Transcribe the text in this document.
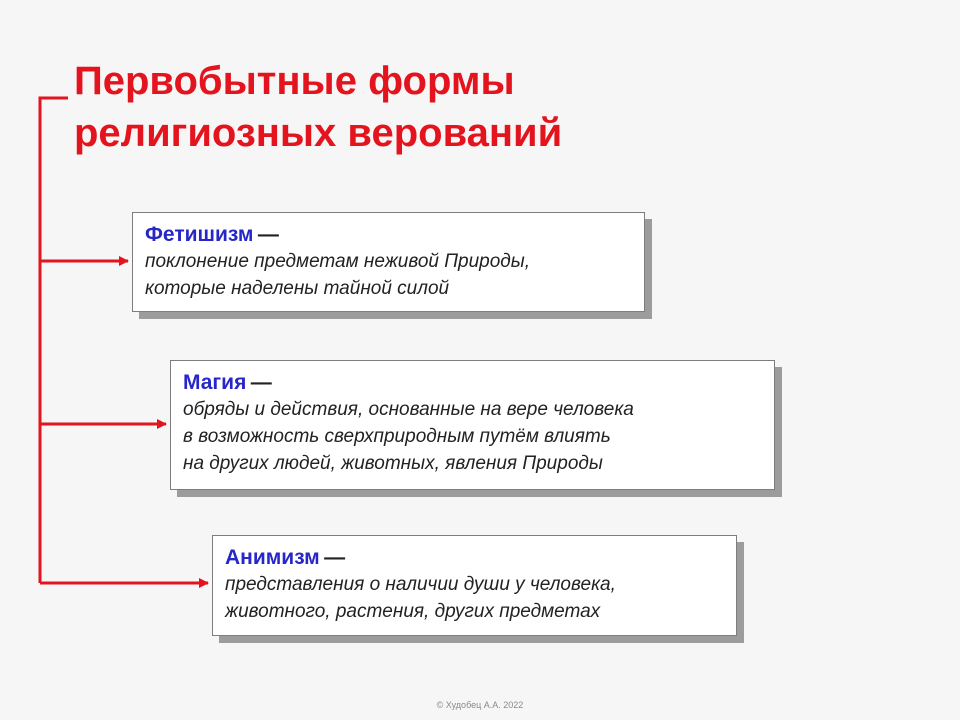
Первобытные формы
религиозных верований
Фетишизм —
поклонение предметам неживой Природы,
которые наделены тайной силой
Магия —
обряды и действия, основанные на вере человека
в возможность сверхприродным путём влиять
на других людей, животных, явления Природы
Анимизм —
представления о наличии души у человека,
животного, растения, других предметах
© Худобец А.А. 2022
